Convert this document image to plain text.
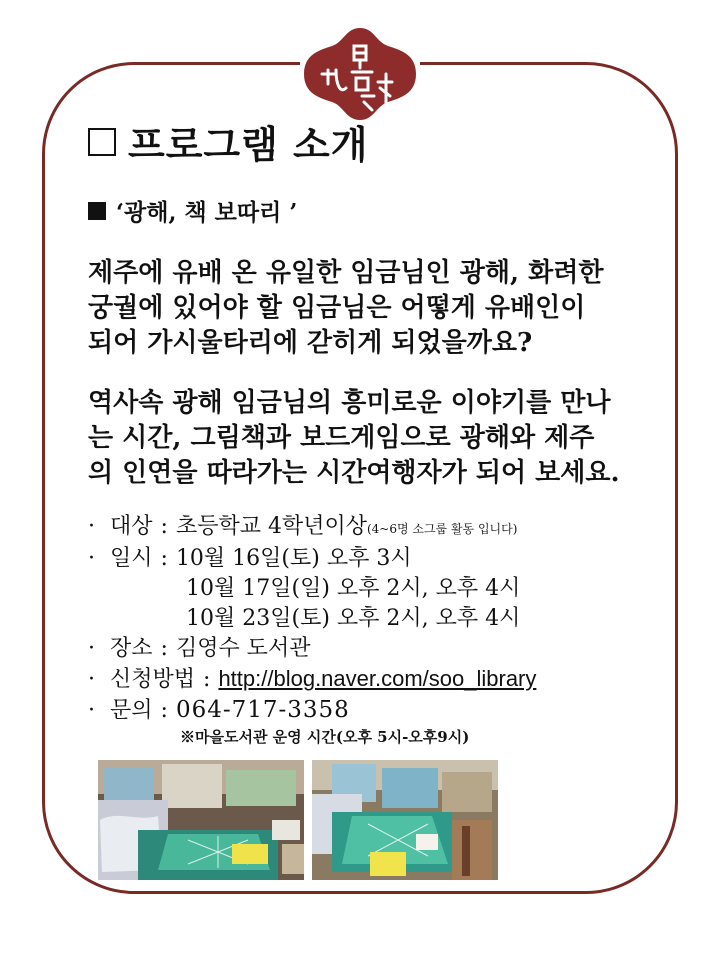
프로그램 소개
‘광해, 책 보따리 ’
제주에 유배 온 유일한 임금님인 광해, 화려한
궁궐에 있어야 할 임금님은 어떻게 유배인이
되어 가시울타리에 갇히게 되었을까요?
역사속 광해 임금님의 흥미로운 이야기를 만나
는 시간, 그림책과 보드게임으로 광해와 제주
의 인연을 따라가는 시간여행자가 되어 보세요.
· 대상 : 초등학교 4학년이상 (4~6명 소그룹 활동 입니다)
· 일시 : 10월 16일(토) 오후 3시
10월 17일(일) 오후 2시, 오후 4시
10월 23일(토) 오후 2시, 오후 4시
· 장소 : 김영수 도서관
· 신청방법 : http://blog.naver.com/soo_library
· 문의 : 064-717-3358
※마을도서관 운영 시간(오후 5시-오후9시)
